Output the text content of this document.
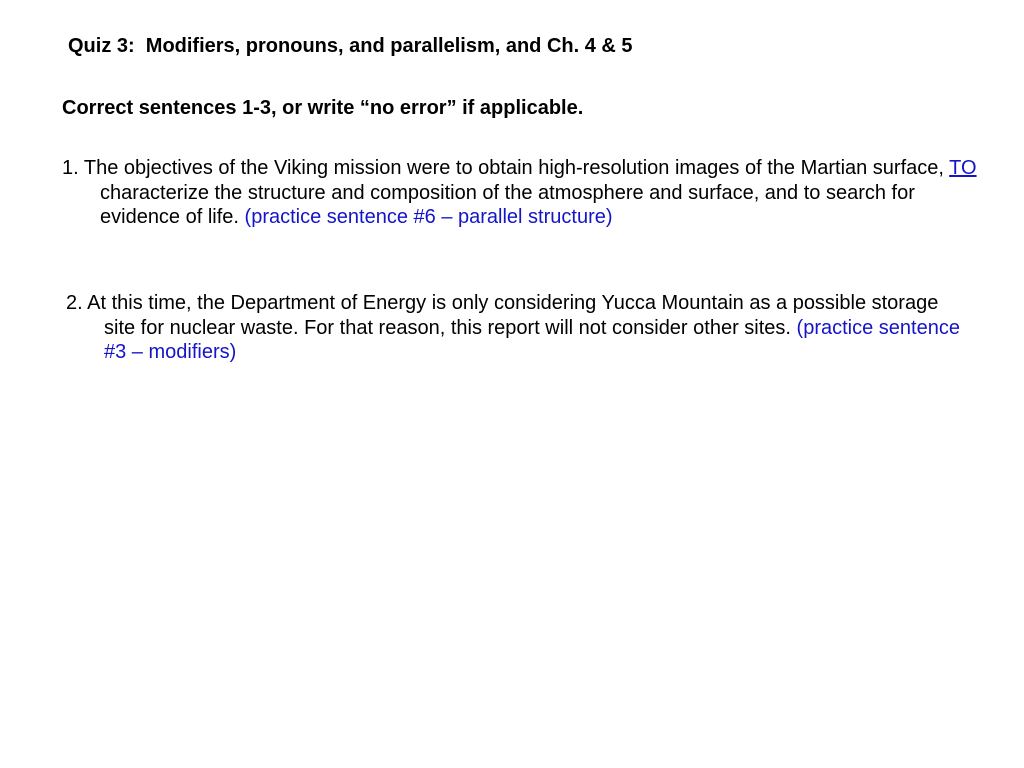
Quiz 3:  Modifiers, pronouns, and parallelism, and Ch. 4 & 5
Correct sentences 1-3, or write “no error” if applicable.
1. The objectives of the Viking mission were to obtain high-resolution images of the Martian surface, TO characterize the structure and composition of the atmosphere and surface, and to search for evidence of life. (practice sentence #6 – parallel structure)
2. At this time, the Department of Energy is only considering Yucca Mountain as a possible storage site for nuclear waste. For that reason, this report will not consider other sites. (practice sentence #3 – modifiers)
